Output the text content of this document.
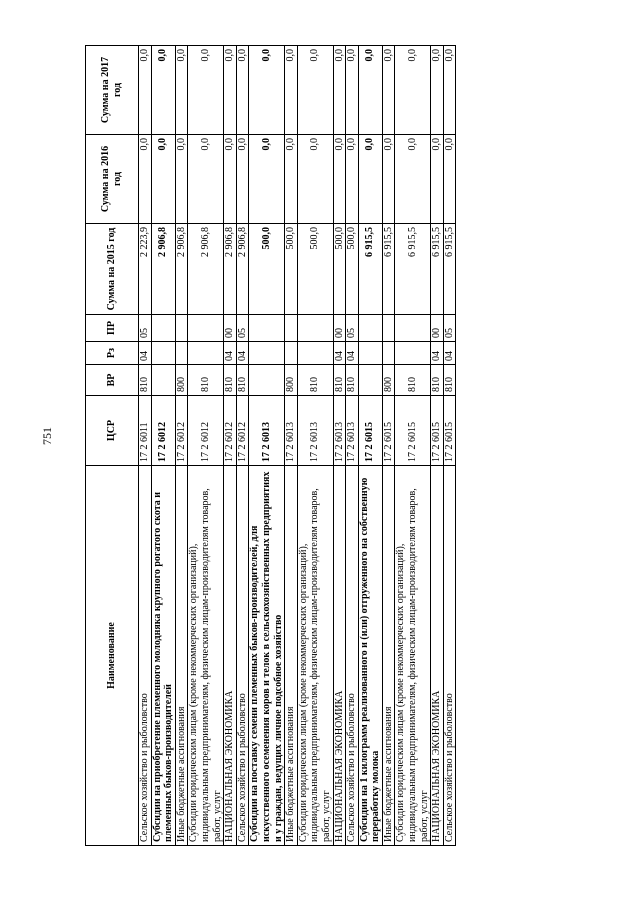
751
Наименование	ЦСР	ВР	Рз	ПР	Сумма на 2015 год	Сумма на 2016 год	Сумма на 2017 год
Сельское хозяйство и рыболовство	17 2 6011	810	04	05	2 223,9	0,0	0,0
Субсидии на приобретение племенного молодняка крупного рогатого скота и племенных быков-производителей	17 2 6012				2 906,8	0,0	0,0
Иные бюджетные ассигнования	17 2 6012	800			2 906,8	0,0	0,0
Субсидии юридическим лицам (кроме некоммерческих организаций), индивидуальным предпринимателям, физическим лицам-производителям товаров, работ, услуг	17 2 6012	810			2 906,8	0,0	0,0
НАЦИОНАЛЬНАЯ ЭКОНОМИКА	17 2 6012	810	04	00	2 906,8	0,0	0,0
Сельское хозяйство и рыболовство	17 2 6012	810	04	05	2 906,8	0,0	0,0
Субсидии на поставку семени племенных быков-производителей, для искусственного осеменения коров и телок в сельскохозяйственных предприятиях и у граждан, ведущих личное подсобное хозяйство	17 2 6013				500,0	0,0	0,0
Иные бюджетные ассигнования	17 2 6013	800			500,0	0,0	0,0
Субсидии юридическим лицам (кроме некоммерческих организаций), индивидуальным предпринимателям, физическим лицам-производителям товаров, работ, услуг	17 2 6013	810			500,0	0,0	0,0
НАЦИОНАЛЬНАЯ ЭКОНОМИКА	17 2 6013	810	04	00	500,0	0,0	0,0
Сельское хозяйство и рыболовство	17 2 6013	810	04	05	500,0	0,0	0,0
Субсидии на 1 килограмм реализованного и (или) отгруженного на собственную переработку молока	17 2 6015				6 915,5	0,0	0,0
Иные бюджетные ассигнования	17 2 6015	800			6 915,5	0,0	0,0
Субсидии юридическим лицам (кроме некоммерческих организаций), индивидуальным предпринимателям, физическим лицам-производителям товаров, работ, услуг	17 2 6015	810			6 915,5	0,0	0,0
НАЦИОНАЛЬНАЯ ЭКОНОМИКА	17 2 6015	810	04	00	6 915,5	0,0	0,0
Сельское хозяйство и рыболовство	17 2 6015	810	04	05	6 915,5	0,0	0,0
